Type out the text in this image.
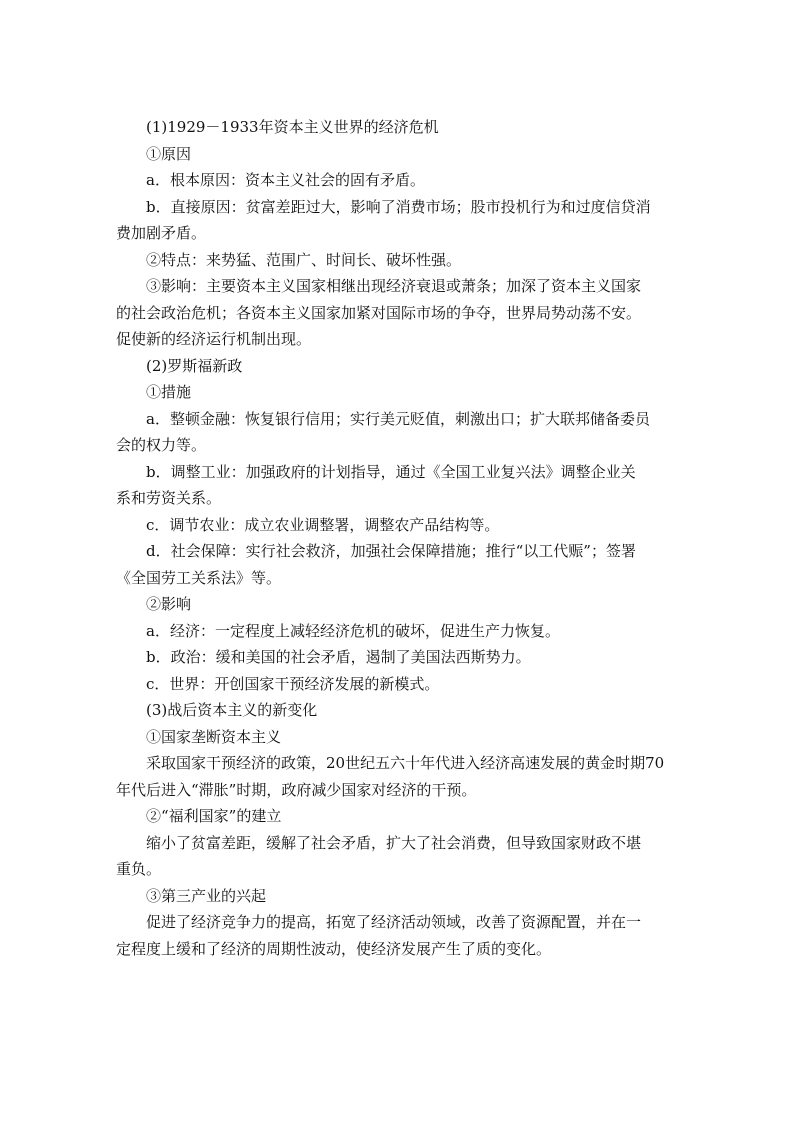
(1)1929－1933年资本主义世界的经济危机

①原因

a．根本原因：资本主义社会的固有矛盾。

b．直接原因：贫富差距过大，影响了消费市场；股市投机行为和过度信贷消

费加剧矛盾。

②特点：来势猛、范围广、时间长、破坏性强。

③影响：主要资本主义国家相继出现经济衰退或萧条；加深了资本主义国家

的社会政治危机；各资本主义国家加紧对国际市场的争夺，世界局势动荡不安。

促使新的经济运行机制出现。

(2)罗斯福新政

①措施

a．整顿金融：恢复银行信用；实行美元贬值，刺激出口；扩大联邦储备委员

会的权力等。

b．调整工业：加强政府的计划指导，通过《全国工业复兴法》调整企业关

系和劳资关系。

c．调节农业：成立农业调整署，调整农产品结构等。

d．社会保障：实行社会救济，加强社会保障措施；推行“以工代赈”；签署

《全国劳工关系法》等。

②影响

a．经济：一定程度上减轻经济危机的破坏，促进生产力恢复。

b．政治：缓和美国的社会矛盾，遏制了美国法西斯势力。

c．世界：开创国家干预经济发展的新模式。

(3)战后资本主义的新变化

①国家垄断资本主义

采取国家干预经济的政策，20世纪五六十年代进入经济高速发展的黄金时期70

年代后进入“滞胀”时期，政府减少国家对经济的干预。

②“福利国家”的建立

缩小了贫富差距，缓解了社会矛盾，扩大了社会消费，但导致国家财政不堪

重负。

③第三产业的兴起

促进了经济竞争力的提高，拓宽了经济活动领域，改善了资源配置，并在一

定程度上缓和了经济的周期性波动，使经济发展产生了质的变化。
